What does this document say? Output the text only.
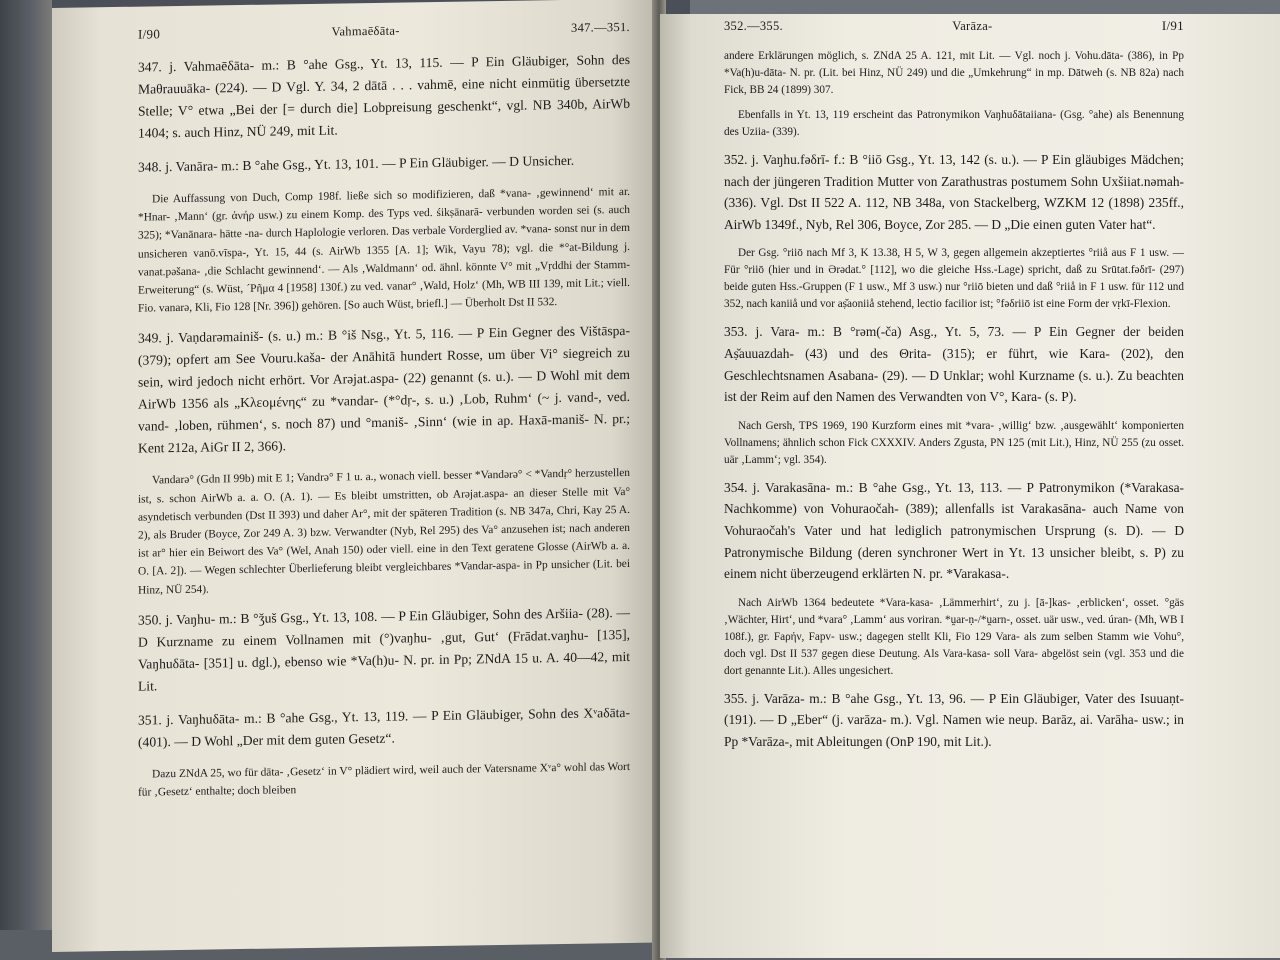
I/90	Vahmaēδāta-	347.—351.

347. j. Vahmaēδāta- m.: B °ahe Gsg., Yt. 13, 115. — P Ein Gläubiger, Sohn des Maθrauuāka- (224). — D Vgl. Y. 34, 2 dātā . . . vahmē, eine nicht einmütig übersetzte Stelle; V° etwa „Bei der [= durch die] Lobpreisung geschenkt“, vgl. NB 340b, AirWb 1404; s. auch Hinz, NÜ 249, mit Lit.

348. j. Vanāra- m.: B °ahe Gsg., Yt. 13, 101. — P Ein Gläubiger. — D Unsicher.

Die Auffassung von Duch, Comp 198f. ließe sich so modifizieren, daß *vana- ‚gewinnend‘ mit ar. *Hnar- ‚Mann‘ (gr. ἀνήρ usw.) zu einem Komp. des Typs ved. śikṣānarā- verbunden worden sei (s. auch 325); *Vanānara- hätte -na- durch Haplologie verloren. Das verbale Vorderglied av. *vana- sonst nur in dem unsicheren vanō.vīspa-, Yt. 15, 44 (s. AirWb 1355 [A. 1]; Wik, Vayu 78); vgl. die *°at-Bildung j. vanat.pəšana- ‚die Schlacht gewinnend‘. — Als ‚Waldmann‘ od. ähnl. könnte V° mit „Vṛddhi der Stamm-Erweiterung“ (s. Wüst, ´Pῆμα 4 [1958] 130f.) zu ved. vanar° ‚Wald, Holz‘ (Mh, WB III 139, mit Lit.; viell. Fio. vanarə, Kli, Fio 128 [Nr. 396]) gehören. [So auch Wüst, briefl.] — Überholt Dst II 532.

349. j. Vaṇdarəmainiš- (s. u.) m.: B °iš Nsg., Yt. 5, 116. — P Ein Gegner des Vištāspa- (379); opfert am See Vouru.kaša- der Anāhitā hundert Rosse, um über Vi° siegreich zu sein, wird jedoch nicht erhört. Vor Arəjat.aspa- (22) genannt (s. u.). — D Wohl mit dem AirWb 1356 als „Κλεομένης“ zu *vandar- (*°dṛ-, s. u.) ‚Lob, Ruhm‘ (~ j. vand-, ved. vand- ‚loben, rühmen‘, s. noch 87) und °maniš- ‚Sinn‘ (wie in ap. Haxā-maniš- N. pr.; Kent 212a, AiGr II 2, 366).

Vandarə° (Gdn II 99b) mit E 1; Vandrə° F 1 u. a., wonach viell. besser *Vandərə° < *Vandṛ° herzustellen ist, s. schon AirWb a. a. O. (A. 1). — Es bleibt umstritten, ob Arəjat.aspa- an dieser Stelle mit Va° asyndetisch verbunden (Dst II 393) und daher Ar°, mit der späteren Tradition (s. NB 347a, Chri, Kay 25 A. 2), als Bruder (Boyce, Zor 249 A. 3) bzw. Verwandter (Nyb, Rel 295) des Va° anzusehen ist; nach anderen ist ar° hier ein Beiwort des Va° (Wel, Anah 150) oder viell. eine in den Text geratene Glosse (AirWb a. a. O. [A. 2]). — Wegen schlechter Überlieferung bleibt vergleichbares *Vandar-aspa- in Pp unsicher (Lit. bei Hinz, NÜ 254).

350. j. Vaŋhu- m.: B °ǯuš Gsg., Yt. 13, 108. — P Ein Gläubiger, Sohn des Aršiia- (28). — D Kurzname zu einem Vollnamen mit (°)vaŋhu- ‚gut, Gut‘ (Frādat.vaŋhu- [135], Vaŋhuδāta- [351] u. dgl.), ebenso wie *Va(h)u- N. pr. in Pp; ZNdA 15 u. A. 40—42, mit Lit.

351. j. Vaŋhuδāta- m.: B °ahe Gsg., Yt. 13, 119. — P Ein Gläubiger, Sohn des Xᵛaδāta- (401). — D Wohl „Der mit dem guten Gesetz“.

Dazu ZNdA 25, wo für dāta- ‚Gesetz‘ in V° plädiert wird, weil auch der Vatersname Xᵛa° wohl das Wort für ‚Gesetz‘ enthalte; doch bleiben

352.—355.	Varāza-	I/91

andere Erklärungen möglich, s. ZNdA 25 A. 121, mit Lit. — Vgl. noch j. Vohu.dāta- (386), in Pp *Va(h)u-dāta- N. pr. (Lit. bei Hinz, NÜ 249) und die „Umkehrung“ in mp. Dātweh (s. NB 82a) nach Fick, BB 24 (1899) 307.

Ebenfalls in Yt. 13, 119 erscheint das Patronymikon Vaŋhuδātaiiana- (Gsg. °ahe) als Benennung des Uziia- (339).

352. j. Vaŋhu.fəδrī- f.: B °iiō Gsg., Yt. 13, 142 (s. u.). — P Ein gläubiges Mädchen; nach der jüngeren Tradition Mutter von Zarathustras postumem Sohn Uxšiiat.nəmah- (336). Vgl. Dst II 522 A. 112, NB 348a, von Stackelberg, WZKM 12 (1898) 235ff., AirWb 1349f., Nyb, Rel 306, Boyce, Zor 285. — D „Die einen guten Vater hat“.

Der Gsg. °riiō nach Mf 3, K 13.38, H 5, W 3, gegen allgemein akzeptiertes °riiå aus F 1 usw. — Für °riiō (hier und in Ərədat.° [112], wo die gleiche Hss.-Lage) spricht, daß zu Srūtat.fəδrī- (297) beide guten Hss.-Gruppen (F 1 usw., Mf 3 usw.) nur °riiō bieten und daß °riiå in F 1 usw. für 112 und 352, nach kaniiå und vor aṣ̌aoniiå stehend, lectio facilior ist; °fəδriiō ist eine Form der vṛkī-Flexion.

353. j. Vara- m.: B °rəm(-ča) Asg., Yt. 5, 73. — P Ein Gegner der beiden Aṣ̌auuazdah- (43) und des Θrita- (315); er führt, wie Kara- (202), den Geschlechtsnamen Asabana- (29). — D Unklar; wohl Kurzname (s. u.). Zu beachten ist der Reim auf den Namen des Verwandten von V°, Kara- (s. P).

Nach Gersh, TPS 1969, 190 Kurzform eines mit *vara- ‚willig‘ bzw. ‚ausgewählt‘ komponierten Vollnamens; ähnlich schon Fick CXXXIV. Anders Zgusta, PN 125 (mit Lit.), Hinz, NÜ 255 (zu osset. uär ‚Lamm‘; vgl. 354).

354. j. Varakasāna- m.: B °ahe Gsg., Yt. 13, 113. — P Patronymikon (*Varakasa-Nachkomme) von Vohuraočah- (389); allenfalls ist Varakasāna- auch Name von Vohuraočah's Vater und hat lediglich patronymischen Ursprung (s. D). — D Patronymische Bildung (deren synchroner Wert in Yt. 13 unsicher bleibt, s. P) zu einem nicht überzeugend erklärten N. pr. *Varakasa-.

Nach AirWb 1364 bedeutete *Vara-kasa- ‚Lämmerhirt‘, zu j. [ā-]kas- ‚erblicken‘, osset. °gäs ‚Wächter, Hirt‘, und *vara° ‚Lamm‘ aus voriran. *ṷar-ṇ-/*ṷarn-, osset. uär usw., ved. úran- (Mh, WB I 108f.), gr. Faρήν, Fapv- usw.; dagegen stellt Kli, Fio 129 Vara- als zum selben Stamm wie Vohu°, doch vgl. Dst II 537 gegen diese Deutung. Als Vara-kasa- soll Vara- abgelöst sein (vgl. 353 und die dort genannte Lit.). Alles ungesichert.

355. j. Varāza- m.: B °ahe Gsg., Yt. 13, 96. — P Ein Gläubiger, Vater des Isuuaṇt- (191). — D „Eber“ (j. varāza- m.). Vgl. Namen wie neup. Barāz, ai. Varāha- usw.; in Pp *Varāza-, mit Ableitungen (OnP 190, mit Lit.).
